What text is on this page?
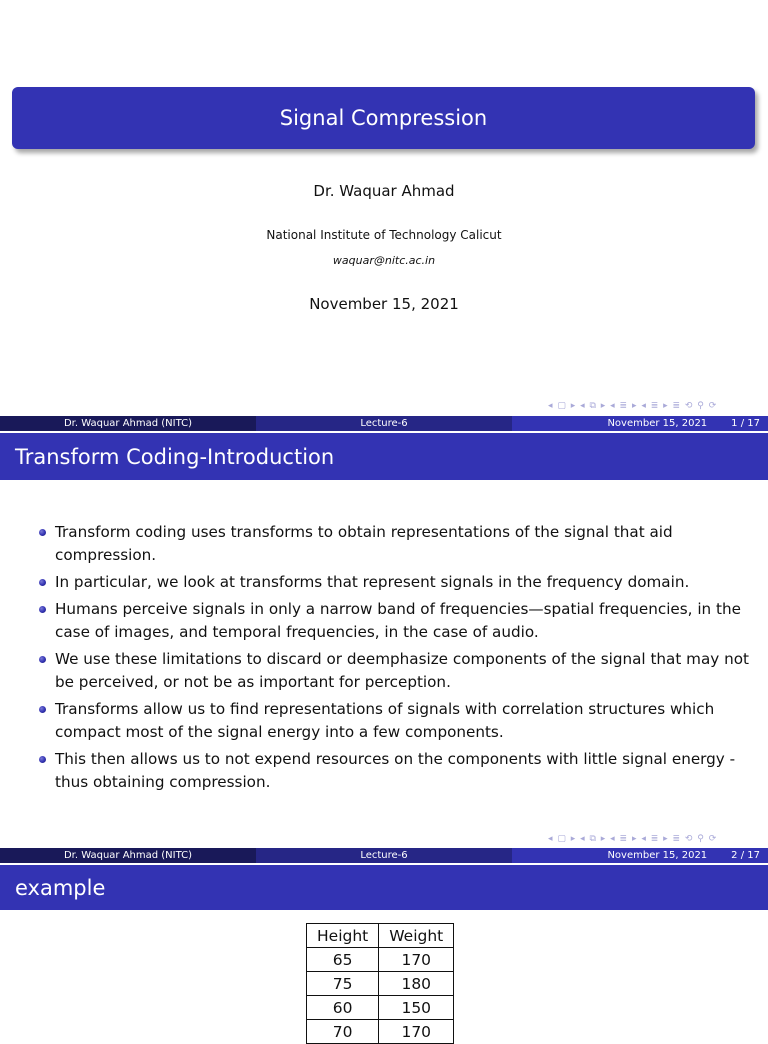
Signal Compression
Dr. Waquar Ahmad
National Institute of Technology Calicut
waquar@nitc.ac.in
November 15, 2021
◂ ▢ ▸ ◂ ⧉ ▸ ◂ ≣ ▸ ◂ ≣ ▸ ≣ ⟲ ⚲ ⟳
Dr. Waquar Ahmad (NITC)	Lecture-6	November 15, 2021 1 / 17
Transform Coding-Introduction
Transform coding uses transforms to obtain representations of the signal that aid compression.
In particular, we look at transforms that represent signals in the frequency domain.
Humans perceive signals in only a narrow band of frequencies—spatial frequencies, in the case of images, and temporal frequencies, in the case of audio.
We use these limitations to discard or deemphasize components of the signal that may not be perceived, or not be as important for perception.
Transforms allow us to find representations of signals with correlation structures which compact most of the signal energy into a few components.
This then allows us to not expend resources on the components with little signal energy - thus obtaining compression.
◂ ▢ ▸ ◂ ⧉ ▸ ◂ ≣ ▸ ◂ ≣ ▸ ≣ ⟲ ⚲ ⟳
Dr. Waquar Ahmad (NITC)	Lecture-6	November 15, 2021 2 / 17
example
Height	Weight
65	170
75	180
60	150
70	170
